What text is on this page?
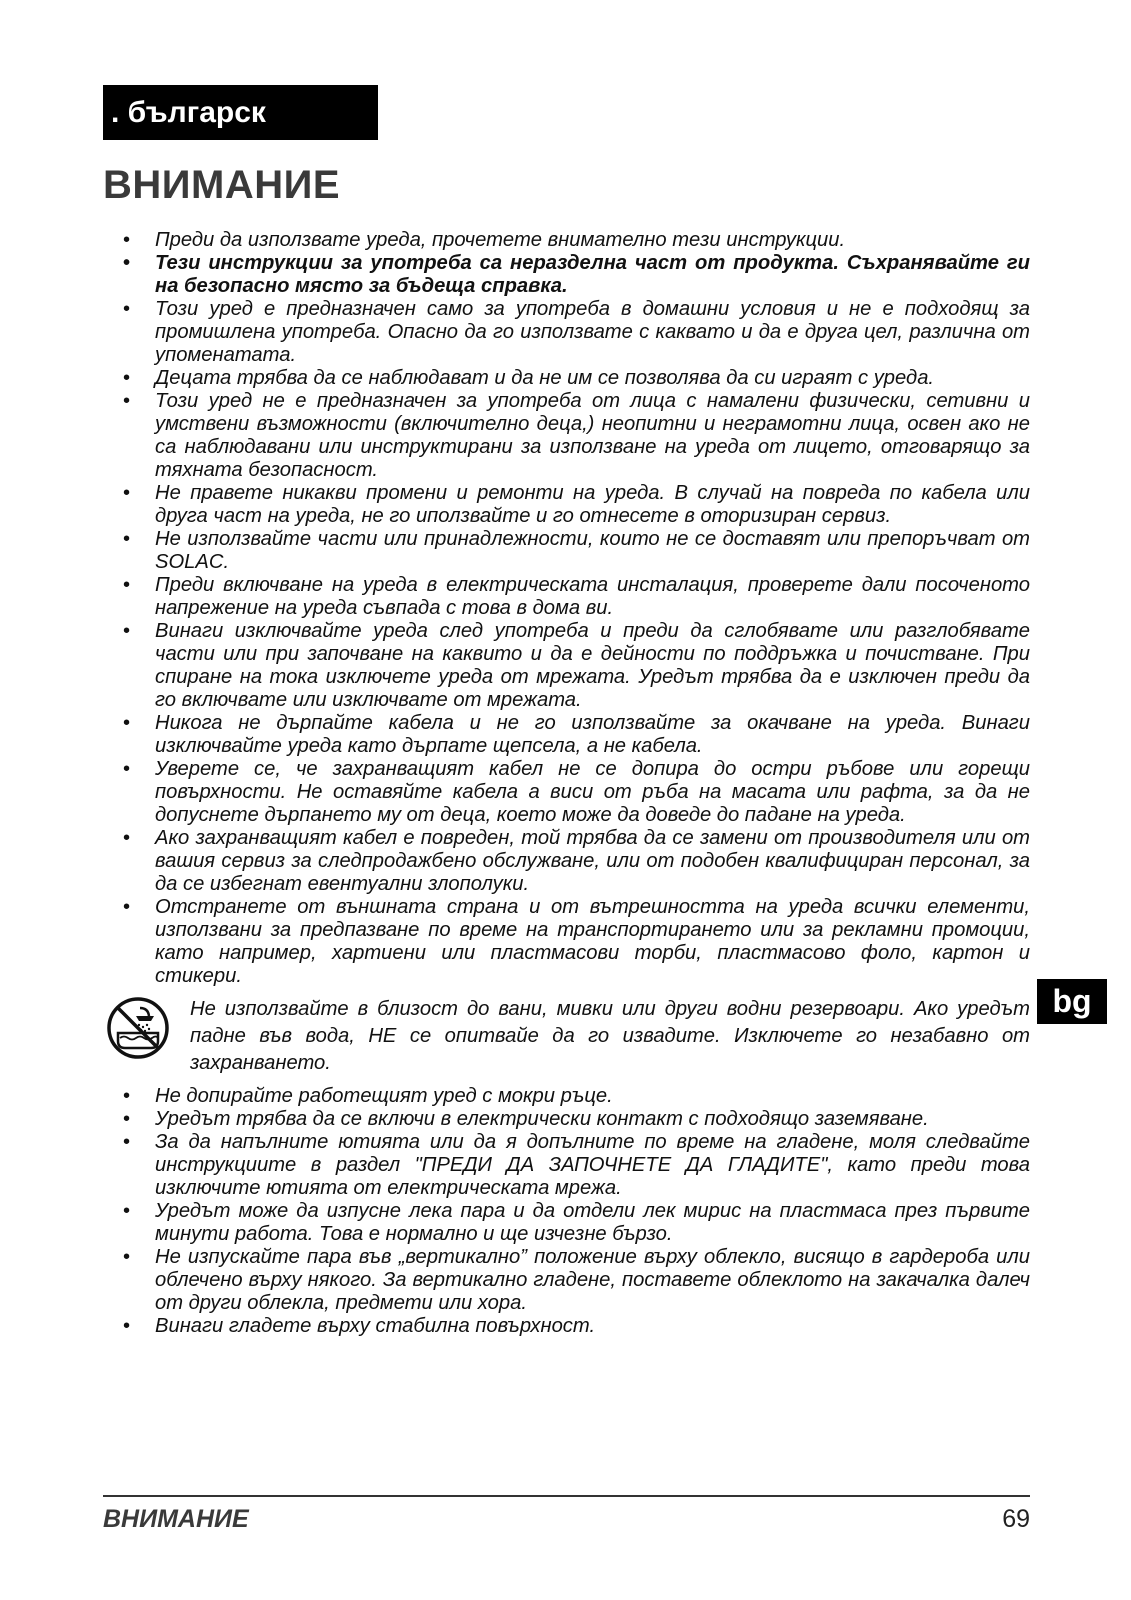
. българск
ВНИМАНИЕ
• Преди да използвате уреда, прочетете внимателно тези инструкции.
• Тези инструкции за употреба са неразделна част от продукта. Съхранявайте ги на безопасно място за бъдеща справка.
• Този уред е предназначен само за употреба в домашни условия и не е подходящ за промишлена употреба. Опасно да го използвате с каквато и да е друга цел, различна от упоменатата.
• Децата трябва да се наблюдават и да не им се позволява да си играят с уреда.
• Този уред не е предназначен за употреба от лица с намалени физически, сетивни и умствени възможности (включително деца,) неопитни и неграмотни лица, освен ако не са наблюдавани или инструктирани за използване на уреда от лицето, отговарящо за тяхната безопасност.
• Не правете никакви промени и ремонти на уреда. В случай на повреда по кабела или друга част на уреда, не го иползвайте и го отнесете в оторизиран сервиз.
• Не използвайте части или принадлежности, които не се доставят или препоръчват от SOLAC.
• Преди включване на уреда в електрическата инсталация, проверете дали посоченото напрежение на уреда съвпада с това в дома ви.
• Винаги изключвайте уреда след употреба и преди да сглобявате или разглобявате части или при започване на каквито и да е дейности по поддръжка и почистване. При спиране на тока изключете уреда от мрежата. Уредът трябва да е изключен преди да го включвате или изключвате от мрежата.
• Никога не дърпайте кабела и не го използвайте за окачване на уреда. Винаги изключвайте уреда като дърпате щепсела, а не кабела.
• Уверете се, че захранващият кабел не се допира до остри ръбове или горещи повърхности. Не оставяйте кабела а виси от ръба на масата или рафта, за да не допуснете дърпането му от деца, което може да доведе до падане на уреда.
• Ако захранващият кабел е повреден, той трябва да се замени от производителя или от вашия сервиз за следпродажбено обслужване, или от подобен квалифициран персонал, за да се избегнат евентуални злополуки.
• Отстранете от външната страна и от вътрешността на уреда всички елементи, използвани за предпазване по време на транспортирането или за рекламни промоции, като например, хартиени или пластмасови торби, пластмасово фоло, картон и стикери.
Не използвайте в близост до вани, мивки или други водни резервоари. Ако уредът падне във вода, НЕ се опитвайе да го извадите. Изключете го незабавно от захранването.
• Не допирайте работещият уред с мокри ръце.
• Уредът трябва да се включи в електрически контакт с подходящо заземяване.
• За да напълните ютията или да я допълните по време на гладене, моля следвайте инструкциите в раздел "ПРЕДИ ДА ЗАПОЧНЕТЕ ДА ГЛАДИТЕ", като преди това изключите ютията от електрическата мрежа.
• Уредът може да изпусне лека пара и да отдели лек мирис на пластмаса през първите минути работа. Това е нормално и ще изчезне бързо.
• Не изпускайте пара във „вертикално” положение върху облекло, висящо в гардероба или облечено върху някого. За вертикално гладене, поставете облеклото на закачалка далеч от други облекла, предмети или хора.
• Винаги гладете върху стабилна повърхност.
bg
ВНИМАНИЕ	69
